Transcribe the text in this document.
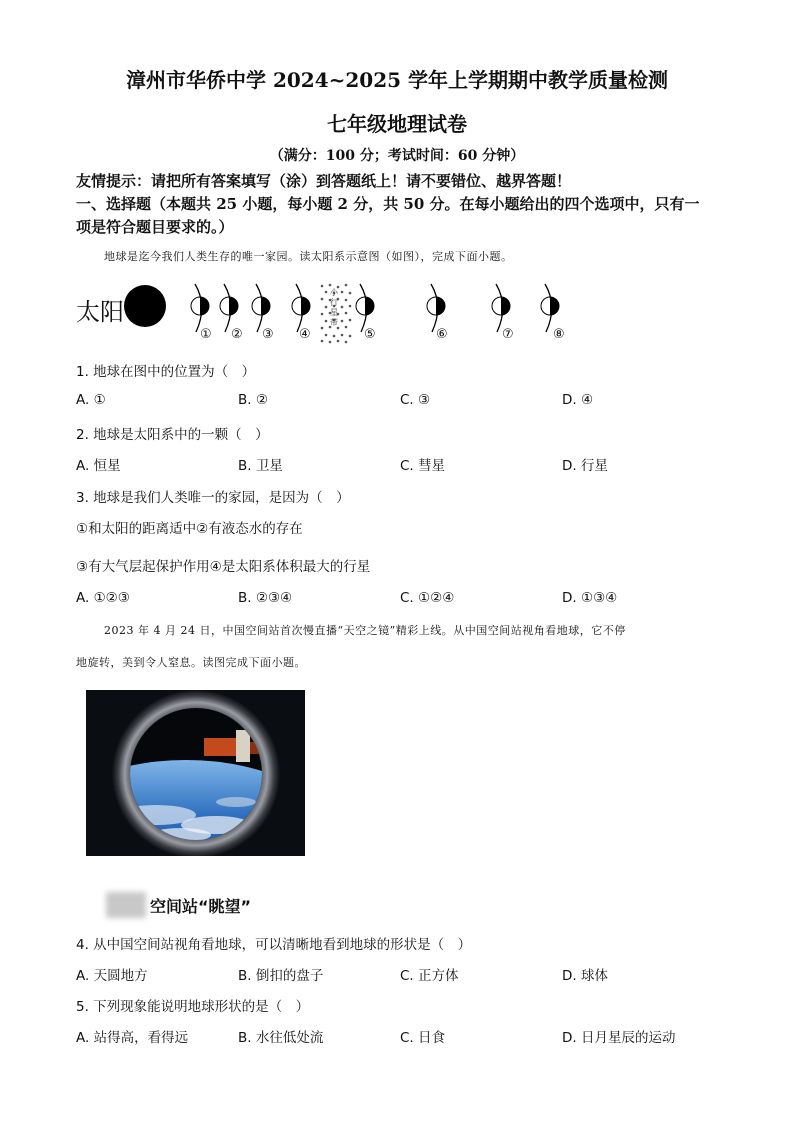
漳州市华侨中学 2024~2025 学年上学期期中教学质量检测
七年级地理试卷
（满分：100 分；考试时间：60 分钟）
友情提示：请把所有答案填写（涂）到答题纸上！请不要错位、越界答题！
一、选择题（本题共 25 小题，每小题 2 分，共 50 分。在每小题给出的四个选项中，只有一
项是符合题目要求的。）
地球是迄今我们人类生存的唯一家园。读太阳系示意图（如图），完成下面小题。
太阳
小行星带
① ② ③ ④	⑤	⑥	⑦	⑧
1. 地球在图中的位置为（　）
A. ①	B. ②	C. ③	D. ④
2. 地球是太阳系中的一颗（　）
A. 恒星	B. 卫星	C. 彗星	D. 行星
3. 地球是我们人类唯一的家园，是因为（　）
①和太阳的距离适中②有液态水的存在
③有大气层起保护作用④是太阳系体积最大的行星
A. ①②③	B. ②③④	C. ①②④	D. ①③④
2023 年 4 月 24 日，中国空间站首次慢直播“天空之镜”精彩上线。从中国空间站视角看地球，它不停
地旋转，美到令人窒息。读图完成下面小题。
空间站“眺望”
4. 从中国空间站视角看地球，可以清晰地看到地球的形状是（　）
A. 天圆地方	B. 倒扣的盘子	C. 正方体	D. 球体
5. 下列现象能说明地球形状的是（　）
A. 站得高，看得远	B. 水往低处流	C. 日食	D. 日月星辰的运动
